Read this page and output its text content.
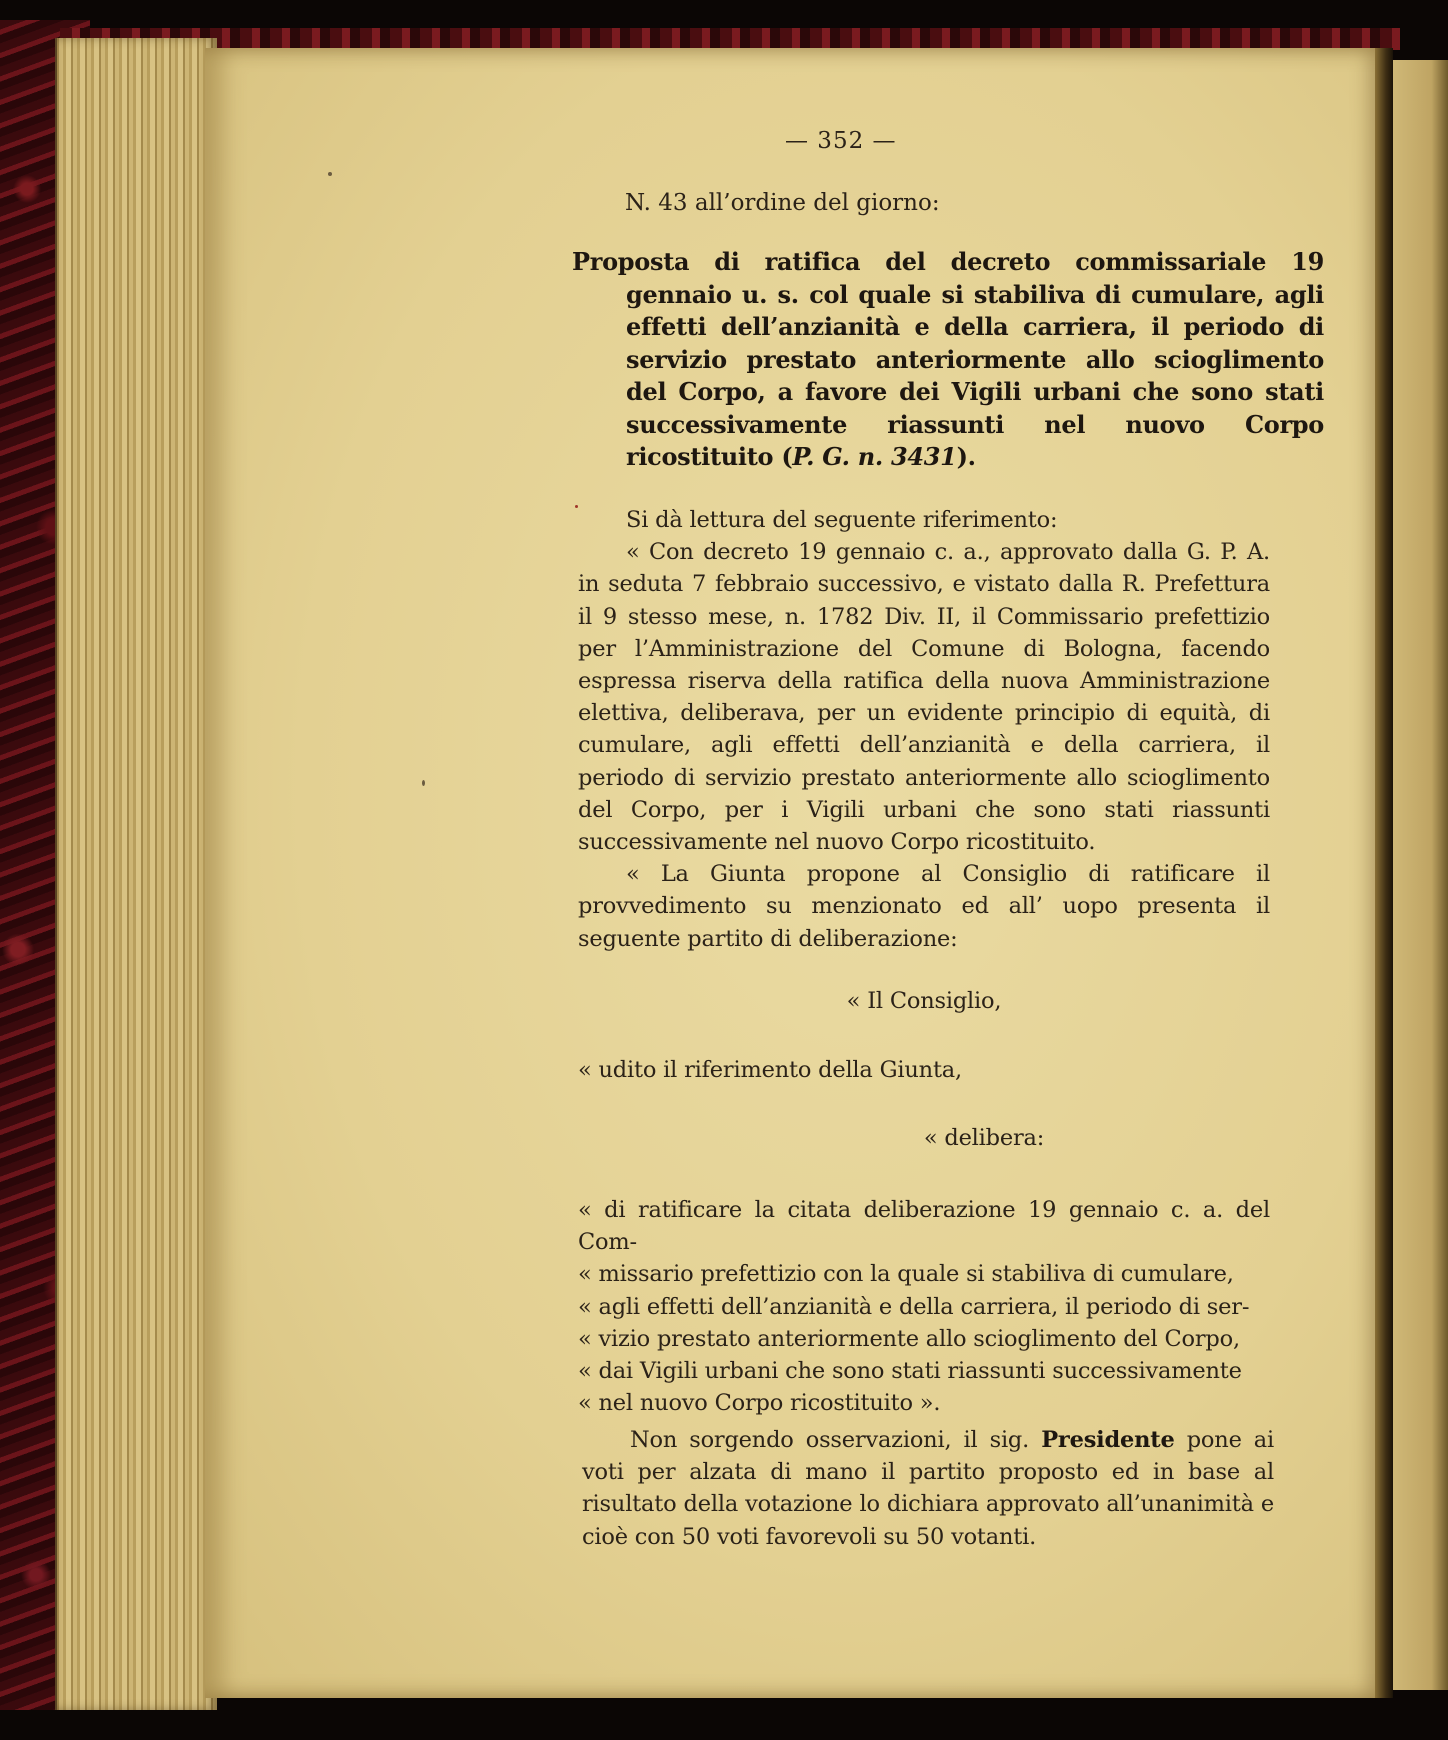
— 352 —
N. 43 all’ordine del giorno:
Proposta di ratifica del decreto commissariale 19 gennaio u. s. col quale si stabiliva di cumulare, agli effetti dell’anzianità e della carriera, il periodo di servizio prestato anteriormente allo scioglimento del Corpo, a favore dei Vigili urbani che sono stati successivamente riassunti nel nuovo Corpo ricostituito (P. G. n. 3431).

Si dà lettura del seguente riferimento:

« Con decreto 19 gennaio c. a., approvato dalla G. P. A. in seduta 7 febbraio successivo, e vistato dalla R. Prefettura il 9 stesso mese, n. 1782 Div. II, il Commissario prefettizio per l’Amministrazione del Comune di Bologna, facendo espressa riserva della ratifica della nuova Amministrazione elettiva, deliberava, per un evidente principio di equità, di cumulare, agli effetti dell’anzianità e della carriera, il periodo di servizio prestato anteriormente allo scioglimento del Corpo, per i Vigili urbani che sono stati riassunti successivamente nel nuovo Corpo ricostituito.

« La Giunta propone al Consiglio di ratificare il provvedimento su menzionato ed all’ uopo presenta il seguente partito di deliberazione:

« Il Consiglio,
« udito il riferimento della Giunta,
« delibera:
« di ratificare la citata deliberazione 19 gennaio c. a. del Com-
« missario prefettizio con la quale si stabiliva di cumulare,
« agli effetti dell’anzianità e della carriera, il periodo di ser-
« vizio prestato anteriormente allo scioglimento del Corpo,
« dai Vigili urbani che sono stati riassunti successivamente
« nel nuovo Corpo ricostituito ».

Non sorgendo osservazioni, il sig. Presidente pone ai voti per alzata di mano il partito proposto ed in base al risultato della votazione lo dichiara approvato all’unanimità e cioè con 50 voti favorevoli su 50 votanti.
